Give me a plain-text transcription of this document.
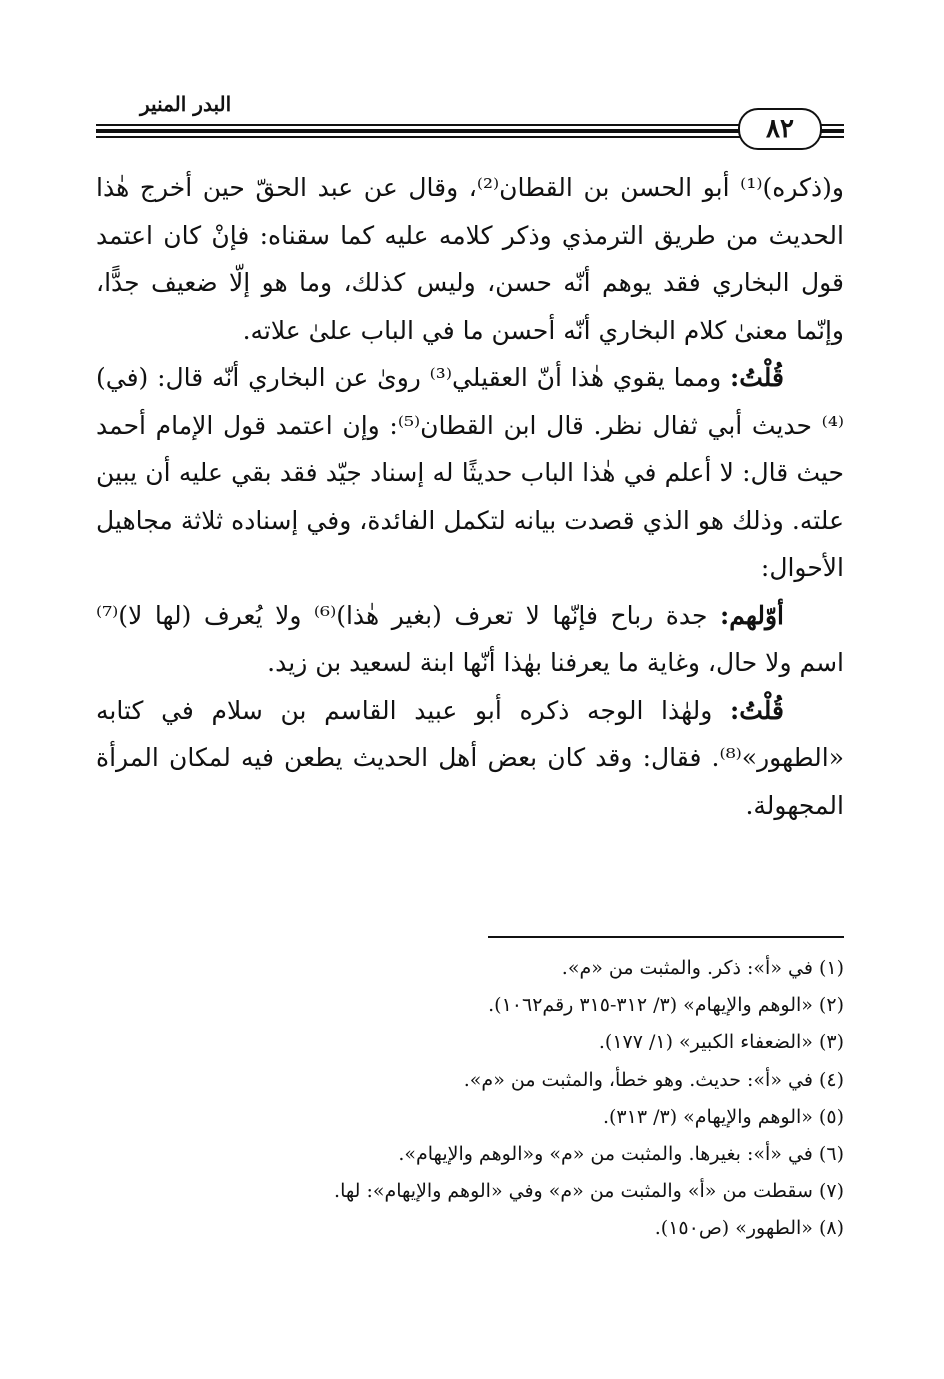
البدر المنير
٨٢

و(ذكره)⁽¹⁾ أبو الحسن بن القطان⁽²⁾، وقال عن عبد الحقّ حين أخرج هٰذا الحديث من طريق الترمذي وذكر كلامه عليه كما سقناه: فإنْ كان اعتمد قول البخاري فقد يوهم أنّه حسن، وليس كذلك، وما هو إلّا ضعيف جدًّا، وإنّما معنىٰ كلام البخاري أنّه أحسن ما في الباب علىٰ علاته.

قُلْتُ: ومما يقوي هٰذا أنّ العقيلي⁽³⁾ روىٰ عن البخاري أنّه قال: (في)⁽⁴⁾ حديث أبي ثفال نظر. قال ابن القطان⁽⁵⁾: وإن اعتمد قول الإمام أحمد حيث قال: لا أعلم في هٰذا الباب حديثًا له إسناد جيّد فقد بقي عليه أن يبين علته. وذلك هو الذي قصدت بيانه لتكمل الفائدة، وفي إسناده ثلاثة مجاهيل الأحوال:

أوّلهم: جدة رباح فإنّها لا تعرف (بغير هٰذا)⁽⁶⁾ ولا يُعرف (لها لا)⁽⁷⁾ اسم ولا حال، وغاية ما يعرفنا بهٰذا أنّها ابنة لسعيد بن زيد.

قُلْتُ: ولهٰذا الوجه ذكره أبو عبيد القاسم بن سلام في كتابه «الطهور»⁽⁸⁾. فقال: وقد كان بعض أهل الحديث يطعن فيه لمكان المرأة المجهولة.

(١) في «أ»: ذكر. والمثبت من «م».
(٢) «الوهم والإيهام» (٣/ ٣١٢-٣١٥ رقم١٠٦٢).
(٣) «الضعفاء الكبير» (١/ ١٧٧).
(٤) في «أ»: حديث. وهو خطأ، والمثبت من «م».
(٥) «الوهم والإيهام» (٣/ ٣١٣).
(٦) في «أ»: بغيرها. والمثبت من «م» و«الوهم والإيهام».
(٧) سقطت من «أ» والمثبت من «م» وفي «الوهم والإيهام»: لها.
(٨) «الطهور» (ص١٥٠).
